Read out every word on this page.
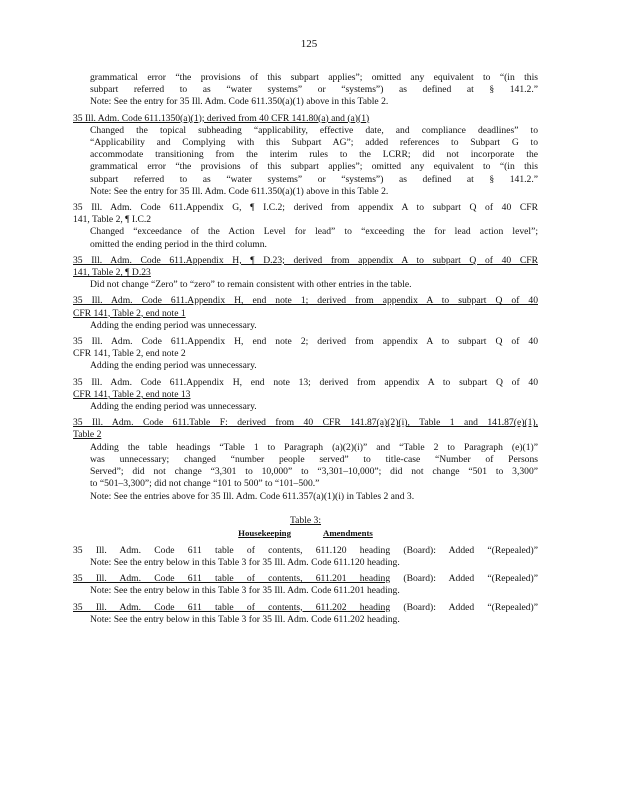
125
grammatical error “the provisions of this subpart applies”; omitted any equivalent to “(in this
subpart referred to as “water systems” or “systems”) as defined at § 141.2.”
Note: See the entry for 35 Ill. Adm. Code 611.350(a)(1) above in this Table 2.
35 Ill. Adm. Code 611.1350(a)(1); derived from 40 CFR 141.80(a) and (a)(1)
Changed the topical subheading “applicability, effective date, and compliance deadlines” to
“Applicability and Complying with this Subpart AG”; added references to Subpart G to
accommodate transitioning from the interim rules to the LCRR; did not incorporate the
grammatical error “the provisions of this subpart applies”; omitted any equivalent to “(in this
subpart referred to as “water systems” or “systems”) as defined at § 141.2.”
Note: See the entry for 35 Ill. Adm. Code 611.350(a)(1) above in this Table 2.
35 Ill. Adm. Code 611.Appendix G, ¶ I.C.2; derived from appendix A to subpart Q of 40 CFR
141, Table 2, ¶ I.C.2
Changed “exceedance of the Action Level for lead” to “exceeding the for lead action level”;
omitted the ending period in the third column.
35 Ill. Adm. Code 611.Appendix H, ¶ D.23; derived from appendix A to subpart Q of 40 CFR
141, Table 2, ¶ D.23
Did not change “Zero” to “zero” to remain consistent with other entries in the table.
35 Ill. Adm. Code 611.Appendix H, end note 1; derived from appendix A to subpart Q of 40
CFR 141, Table 2, end note 1
Adding the ending period was unnecessary.
35 Ill. Adm. Code 611.Appendix H, end note 2; derived from appendix A to subpart Q of 40
CFR 141, Table 2, end note 2
Adding the ending period was unnecessary.
35 Ill. Adm. Code 611.Appendix H, end note 13; derived from appendix A to subpart Q of 40
CFR 141, Table 2, end note 13
Adding the ending period was unnecessary.
35 Ill. Adm. Code 611.Table F: derived from 40 CFR 141.87(a)(2)(i), Table 1 and 141.87(e)(1),
Table 2
Adding the table headings “Table 1 to Paragraph (a)(2)(i)” and “Table 2 to Paragraph (e)(1)”
was unnecessary; changed “number people served” to title-case “Number of Persons
Served”; did not change “3,301 to 10,000” to “3,301–10,000”; did not change “501 to 3,300”
to “501–3,300”; did not change “101 to 500” to “101–500.”
Note: See the entries above for 35 Ill. Adm. Code 611.357(a)(1)(i) in Tables 2 and 3.
Table 3:
Housekeeping	Amendments
35 Ill. Adm. Code 611 table of contents, 611.120 heading (Board): Added “(Repealed)”
Note: See the entry below in this Table 3 for 35 Ill. Adm. Code 611.120 heading.
35 Ill. Adm. Code 611 table of contents, 611.201 heading (Board): Added “(Repealed)”
Note: See the entry below in this Table 3 for 35 Ill. Adm. Code 611.201 heading.
35 Ill. Adm. Code 611 table of contents, 611.202 heading (Board): Added “(Repealed)”
Note: See the entry below in this Table 3 for 35 Ill. Adm. Code 611.202 heading.
